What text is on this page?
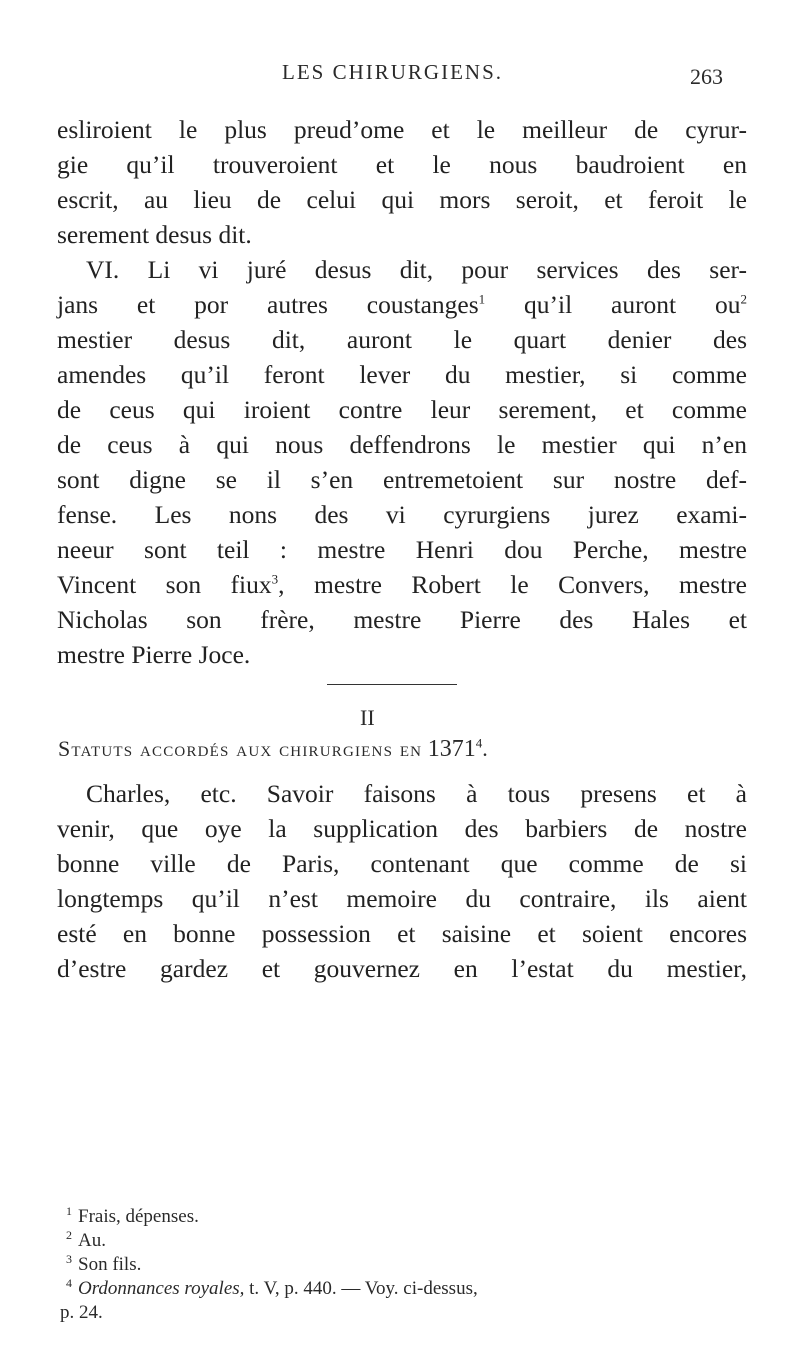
LES CHIRURGIENS.	263
esliroient le plus preud’ome et le meilleur de cyrur-
gie qu’il trouveroient et le nous baudroient en
escrit, au lieu de celui qui mors seroit, et feroit le
serement desus dit.
VI. Li vi juré desus dit, pour services des ser-
jans et por autres coustanges$^1$ qu’il auront $ou^2$
mestier desus dit, auront le quart denier des
amendes qu’il feront lever du mestier, si comme
de ceus qui iroient contre leur serement, et comme
de ceus à qui nous deffendrons le mestier qui n’en
sont digne se il s’en entremetoient sur nostre def-
fense. Les nons des vi cyrurgiens jurez exami-
neeur sont teil : mestre Henri dou Perche, mestre
Vincent son fiux$^3$, mestre Robert le Convers, mestre
Nicholas son frère, mestre Pierre des Hales et
mestre Pierre Joce.
II
Statuts accordés aux chirurgiens en 1371$^4$.
Charles, etc. Savoir faisons à tous presens et à
venir, que oye la supplication des barbiers de nostre
bonne ville de Paris, contenant que comme de si
longtemps qu’il n’est memoire du contraire, ils aient
esté en bonne possession et saisine et soient encores
d’estre gardez et gouvernez en l’estat du mestier,
$^1$ Frais, dépenses.
$^2$ Au.
$^3$ Son fils.
$^4$ Ordonnances royales, t. V, p. 440. — Voy. ci-dessus,
p. 24.
